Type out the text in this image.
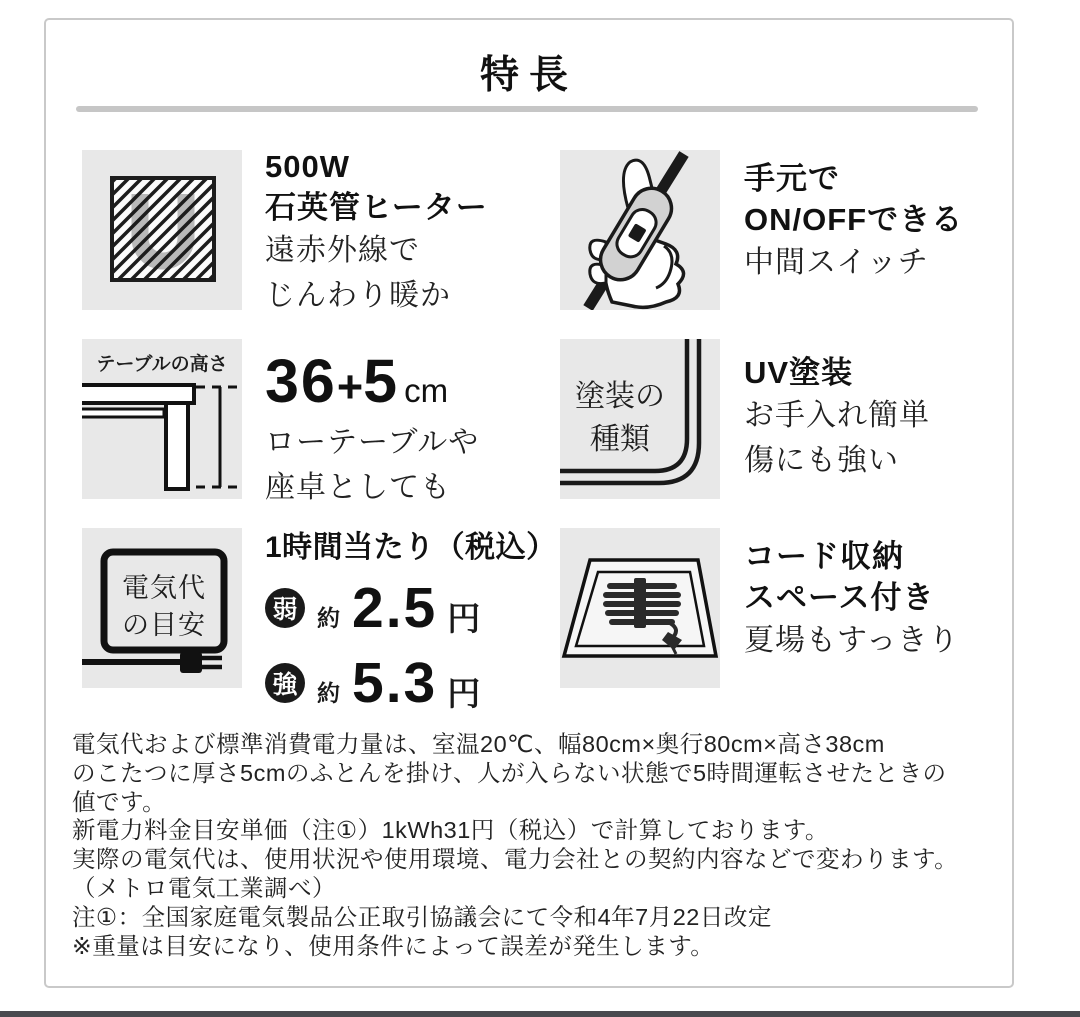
特長
500W
石英管ヒーター
遠赤外線で
じんわり暖か
手元で
ON/OFFできる
中間スイッチ
テーブルの高さ 36+5 cm
ローテーブルや
座卓としても
塗装の
種類
UV塗装
お手入れ簡単
傷にも強い
電気代
の目安
1時間当たり（税込）
弱 約 2.5 円
強 約 5.3 円
コード収納
スペース付き
夏場もすっきり
電気代および標準消費電力量は、室温20℃、幅80cm×奥行80cm×高さ38cm
のこたつに厚さ5cmのふとんを掛け、人が入らない状態で5時間運転させたときの
値です。
新電力料金目安単価（注①）1kWh31円（税込）で計算しております。
実際の電気代は、使用状況や使用環境、電力会社との契約内容などで変わります。
（メトロ電気工業調べ）
注①：全国家庭電気製品公正取引協議会にて令和4年7月22日改定
※重量は目安になり、使用条件によって誤差が発生します。
